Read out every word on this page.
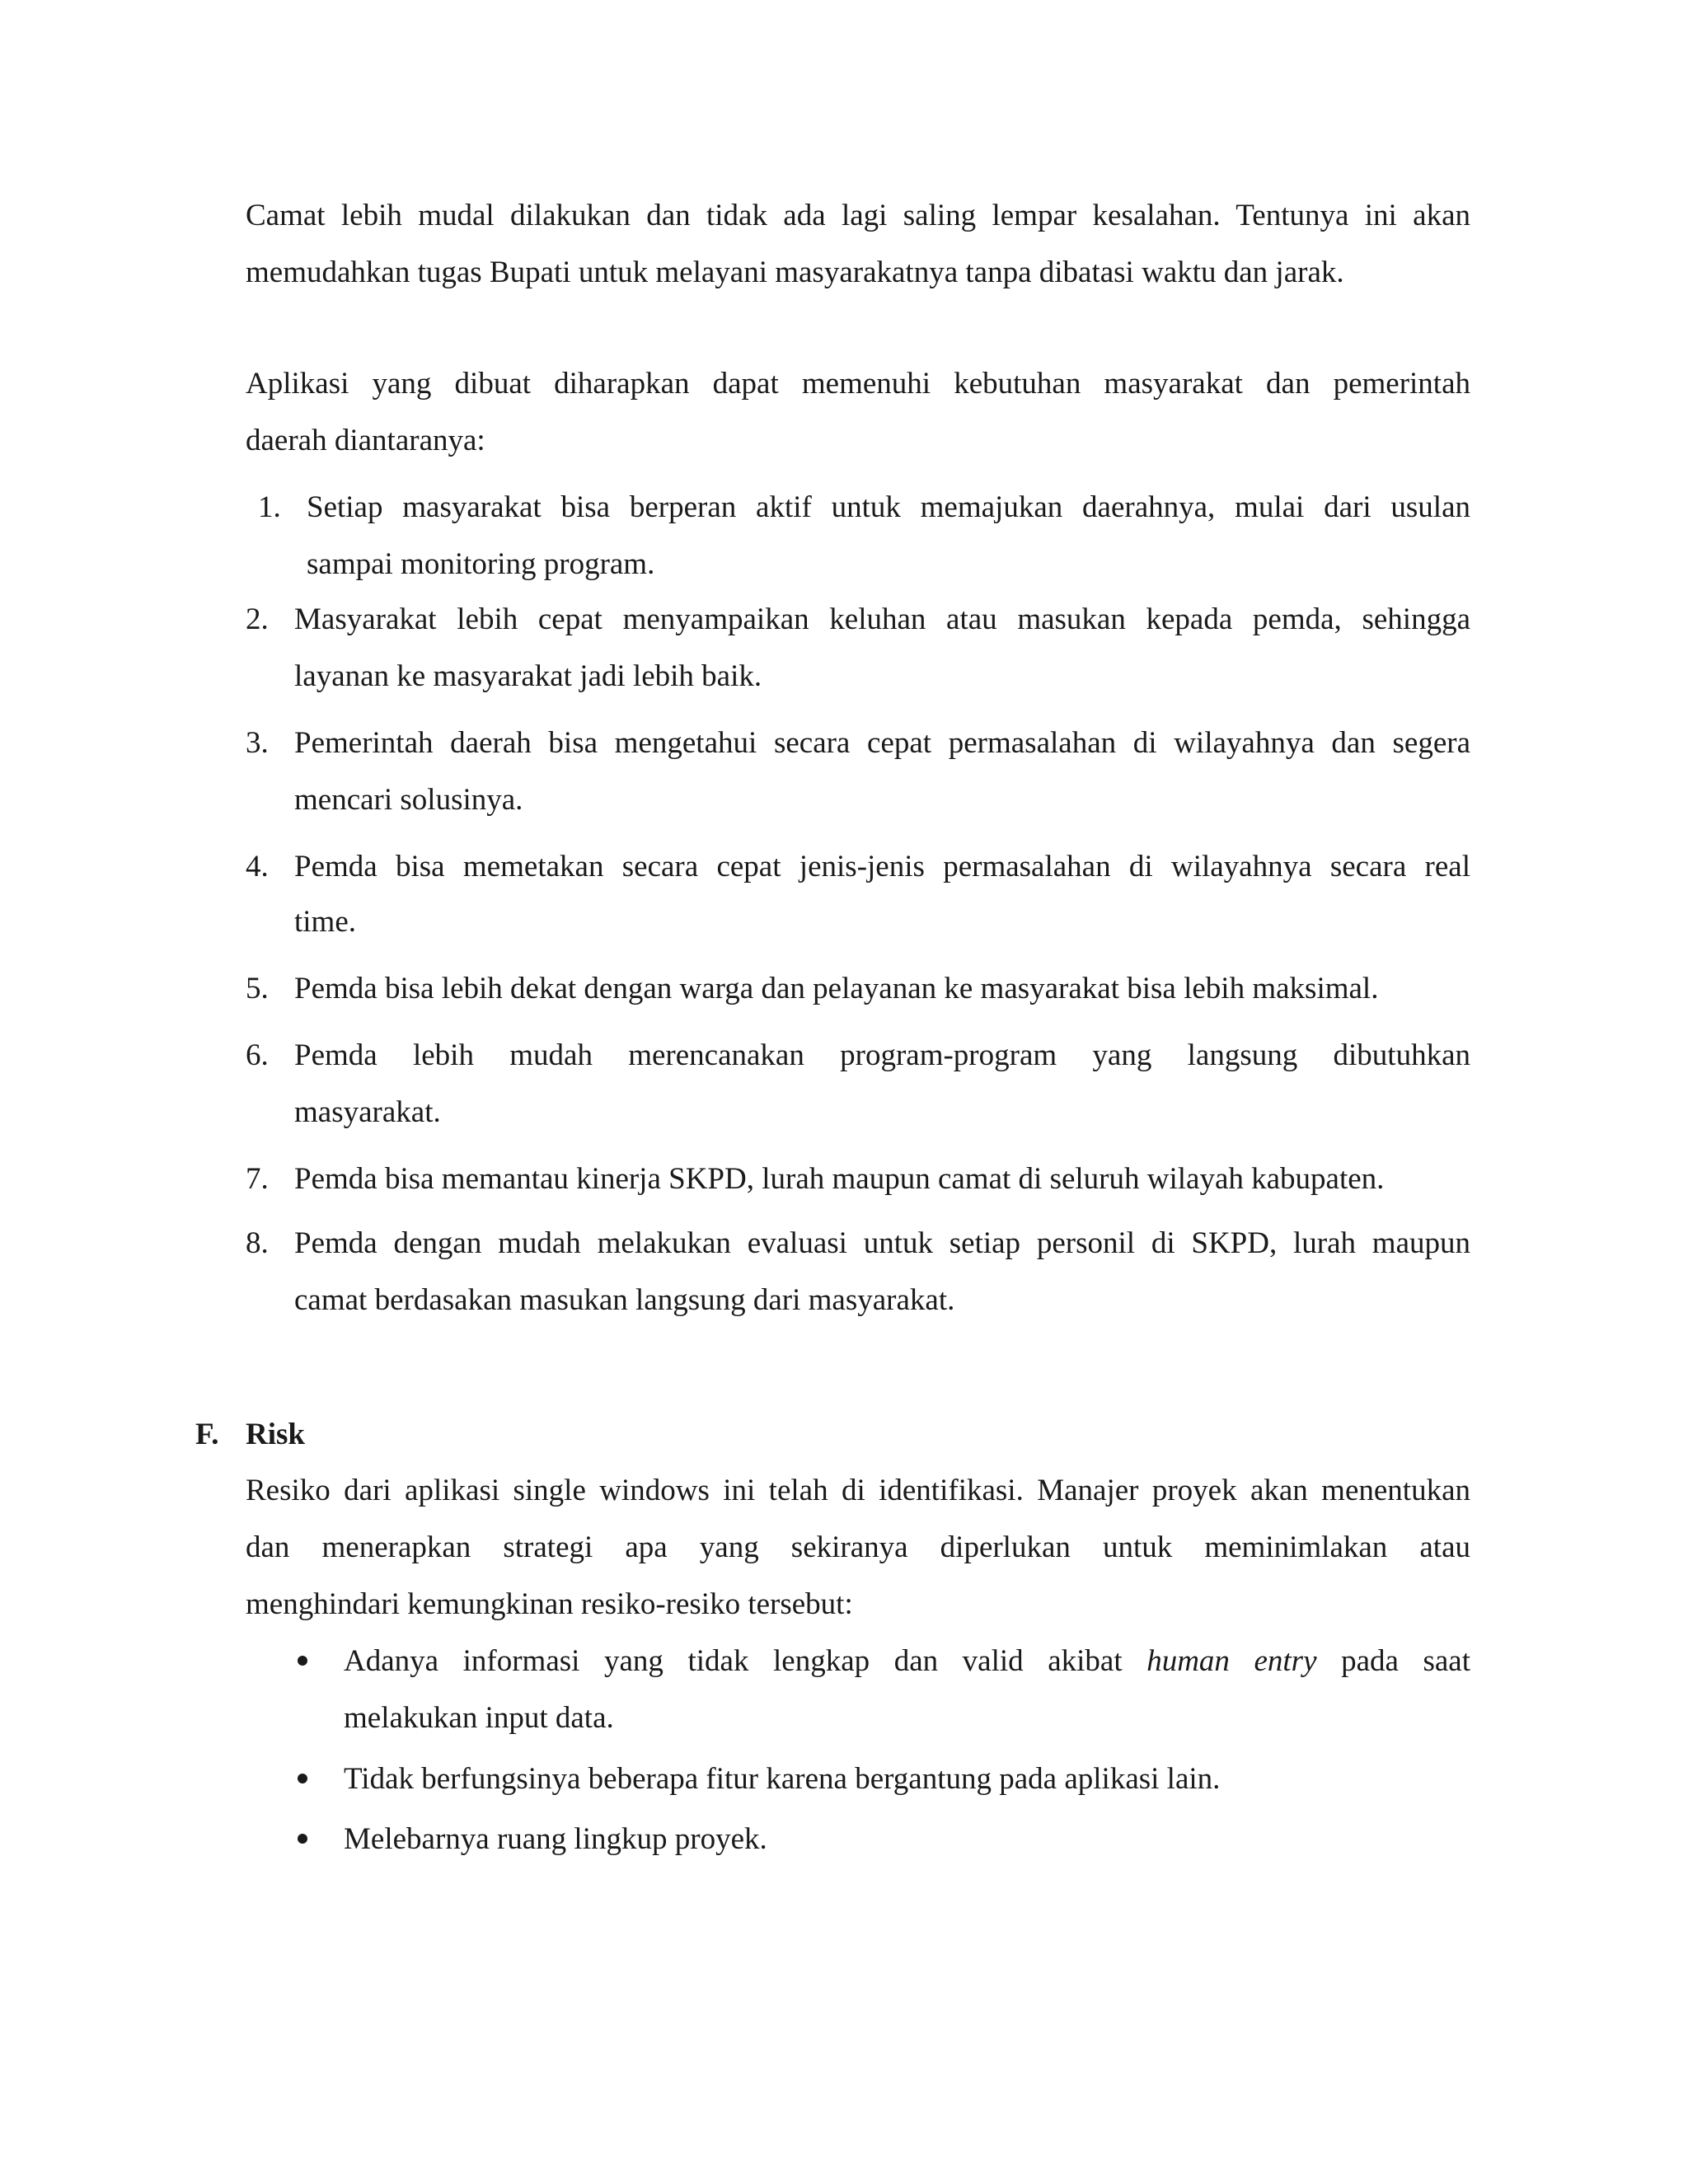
Camat lebih mudal dilakukan dan tidak ada lagi saling lempar kesalahan. Tentunya ini akan
memudahkan tugas Bupati untuk melayani masyarakatnya tanpa dibatasi waktu dan jarak.
Aplikasi yang dibuat diharapkan dapat memenuhi kebutuhan masyarakat dan pemerintah
daerah diantaranya:
1. Setiap masyarakat bisa berperan aktif untuk memajukan daerahnya, mulai dari usulan
sampai monitoring program.
2. Masyarakat lebih cepat menyampaikan keluhan atau masukan kepada pemda, sehingga
layanan ke masyarakat jadi lebih baik.
3. Pemerintah daerah bisa mengetahui secara cepat permasalahan di wilayahnya dan segera
mencari solusinya.
4. Pemda bisa memetakan secara cepat jenis-jenis permasalahan di wilayahnya secara real
time.
5. Pemda bisa lebih dekat dengan warga dan pelayanan ke masyarakat bisa lebih maksimal.
6. Pemda lebih mudah merencanakan program-program yang langsung dibutuhkan
masyarakat.
7. Pemda bisa memantau kinerja SKPD, lurah maupun camat di seluruh wilayah kabupaten.
8. Pemda dengan mudah melakukan evaluasi untuk setiap personil di SKPD, lurah maupun
camat berdasakan masukan langsung dari masyarakat.
F. Risk
Resiko dari aplikasi single windows ini telah di identifikasi. Manajer proyek akan menentukan
dan menerapkan strategi apa yang sekiranya diperlukan untuk meminimlakan atau
menghindari kemungkinan resiko-resiko tersebut:
Adanya informasi yang tidak lengkap dan valid akibat human entry pada saat
melakukan input data.
Tidak berfungsinya beberapa fitur karena bergantung pada aplikasi lain.
Melebarnya ruang lingkup proyek.
